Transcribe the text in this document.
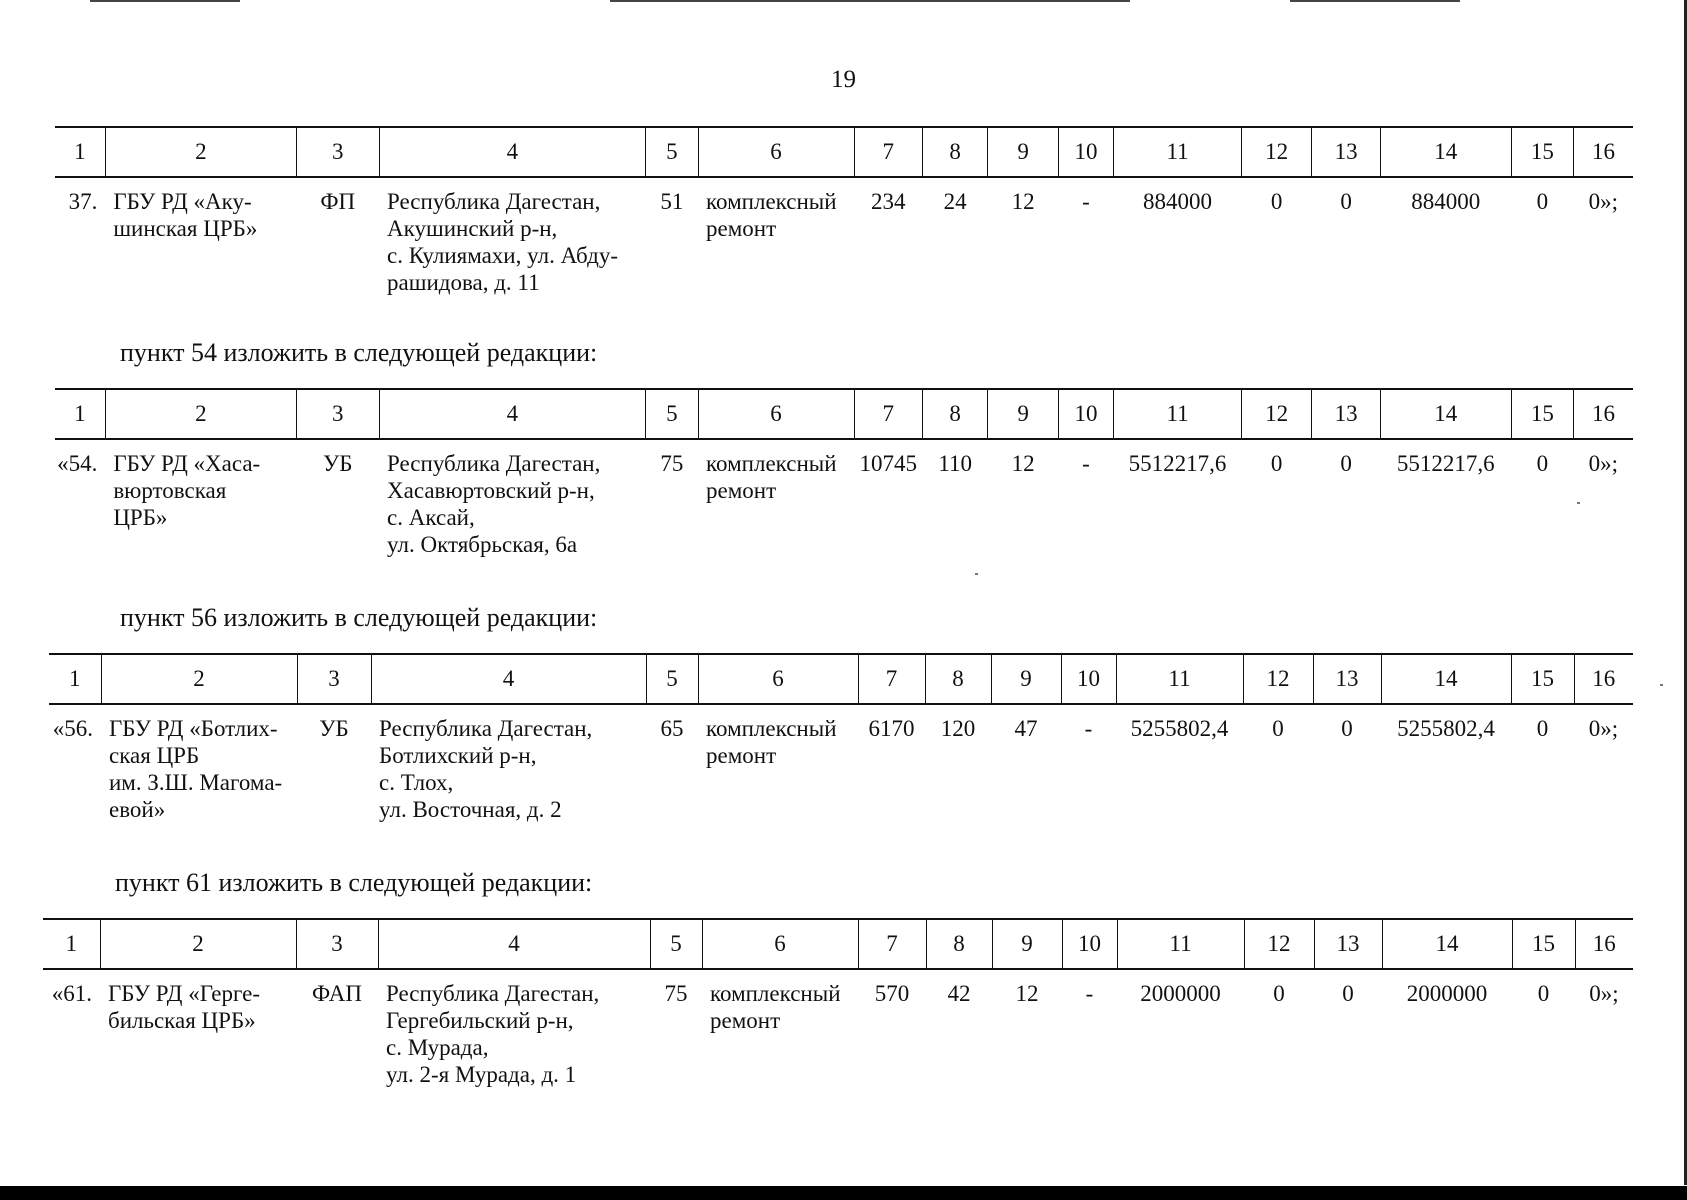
19
1	2	3	4	5	6	7	8	9	10	11	12	13	14	15	16
37.	ГБУ РД «Аку-
шинская ЦРБ»	ФП	Республика Дагестан,
Акушинский р-н,
с. Кулиямахи, ул. Абду-
рашидова, д. 11	51	комплексный
ремонт	234	24	12	-	884000	0	0	884000	0	0»;
пункт 54 изложить в следующей редакции:
1	2	3	4	5	6	7	8	9	10	11	12	13	14	15	16
«54.	ГБУ РД «Хаса-
вюртовская
ЦРБ»	УБ	Республика Дагестан,
Хасавюртовский р-н,
с. Аксай,
ул. Октябрьская, 6а	75	комплексный
ремонт	10745	110	12	-	5512217,6	0	0	5512217,6	0	0»;
пункт 56 изложить в следующей редакции:
1	2	3	4	5	6	7	8	9	10	11	12	13	14	15	16
«56.	ГБУ РД «Ботлих-
ская ЦРБ
им. З.Ш. Магома-
евой»	УБ	Республика Дагестан,
Ботлихский р-н,
с. Тлох,
ул. Восточная, д. 2	65	комплексный
ремонт	6170	120	47	-	5255802,4	0	0	5255802,4	0	0»;
пункт 61 изложить в следующей редакции:
1	2	3	4	5	6	7	8	9	10	11	12	13	14	15	16
«61.	ГБУ РД «Герге-
бильская ЦРБ»	ФАП	Республика Дагестан,
Гергебильский р-н,
с. Мурада,
ул. 2-я Мурада, д. 1	75	комплексный
ремонт	570	42	12	-	2000000	0	0	2000000	0	0»;
